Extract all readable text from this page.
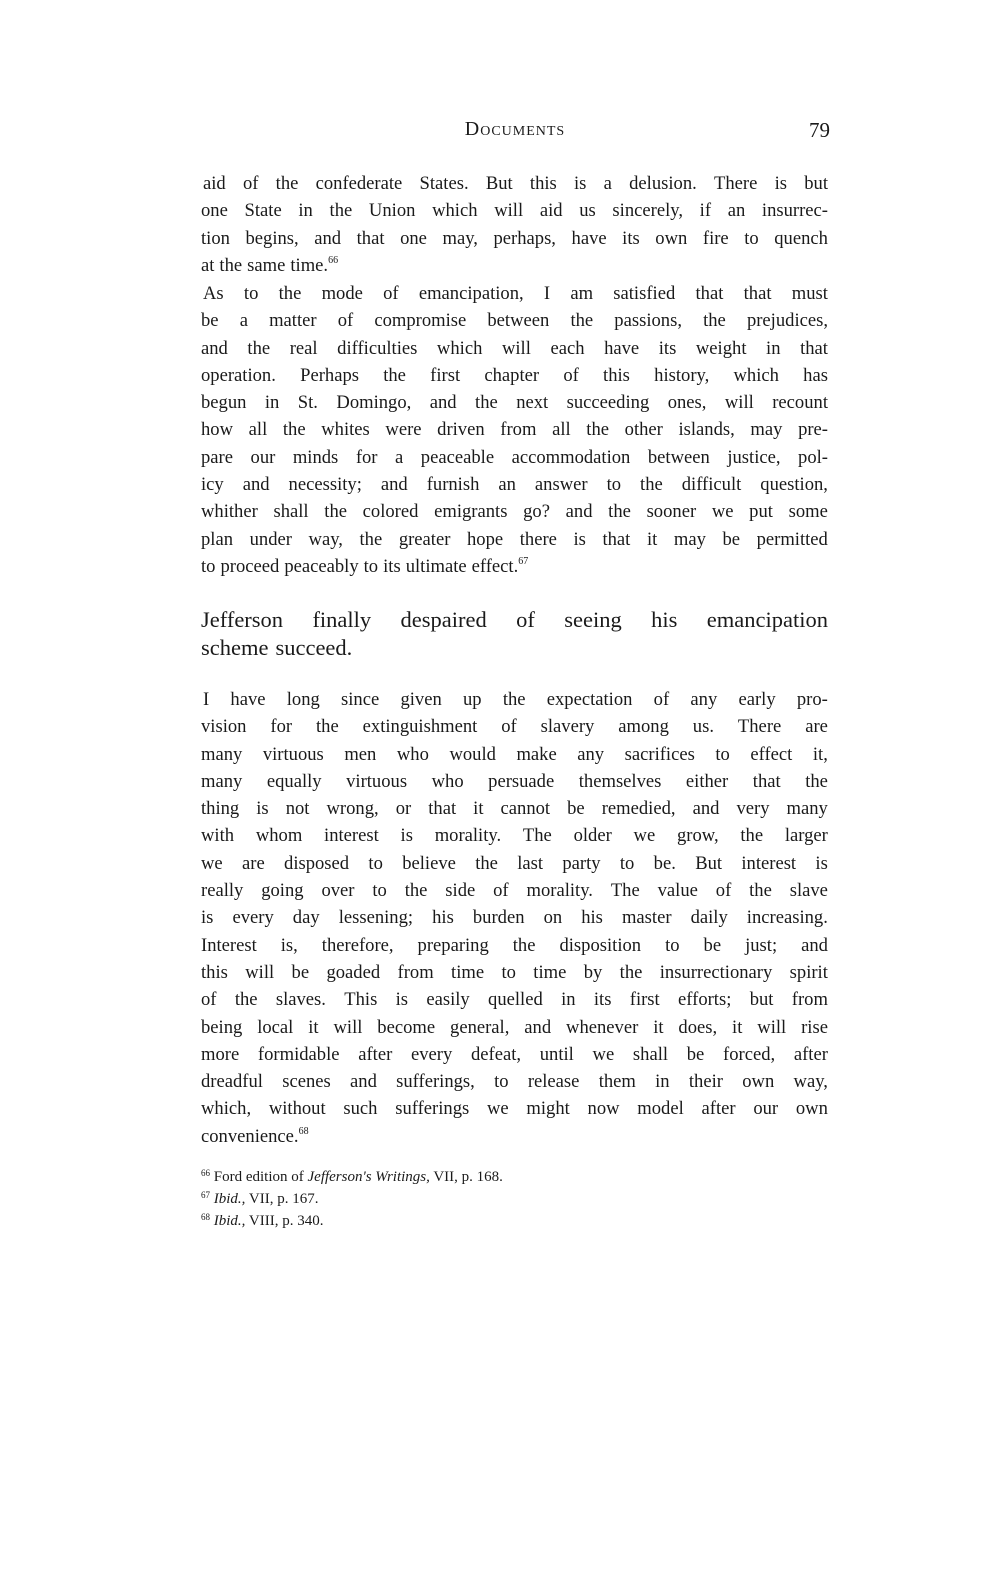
Documents	79
aid of the confederate States. But this is a delusion. There is but
one State in the Union which will aid us sincerely, if an insurrec-
tion begins, and that one may, perhaps, have its own fire to quench
at the same time.$^{66}$
As to the mode of emancipation, I am satisfied that that must
be a matter of compromise between the passions, the prejudices,
and the real difficulties which will each have its weight in that
operation. Perhaps the first chapter of this history, which has
begun in St. Domingo, and the next succeeding ones, will recount
how all the whites were driven from all the other islands, may pre-
pare our minds for a peaceable accommodation between justice, pol-
icy and necessity; and furnish an answer to the difficult question,
whither shall the colored emigrants go? and the sooner we put some
plan under way, the greater hope there is that it may be permitted
to proceed peaceably to its ultimate effect.$^{67}$
Jefferson finally despaired of seeing his emancipation
scheme succeed.
I have long since given up the expectation of any early pro-
vision for the extinguishment of slavery among us. There are
many virtuous men who would make any sacrifices to effect it,
many equally virtuous who persuade themselves either that the
thing is not wrong, or that it cannot be remedied, and very many
with whom interest is morality. The older we grow, the larger
we are disposed to believe the last party to be. But interest is
really going over to the side of morality. The value of the slave
is every day lessening; his burden on his master daily increasing.
Interest is, therefore, preparing the disposition to be just; and
this will be goaded from time to time by the insurrectionary spirit
of the slaves. This is easily quelled in its first efforts; but from
being local it will become general, and whenever it does, it will rise
more formidable after every defeat, until we shall be forced, after
dreadful scenes and sufferings, to release them in their own way,
which, without such sufferings we might now model after our own
convenience.$^{68}$
$^{66}$ Ford edition of Jefferson's Writings, VII, p. 168.
$^{67}$ Ibid., VII, p. 167.
$^{68}$ Ibid., VIII, p. 340.
